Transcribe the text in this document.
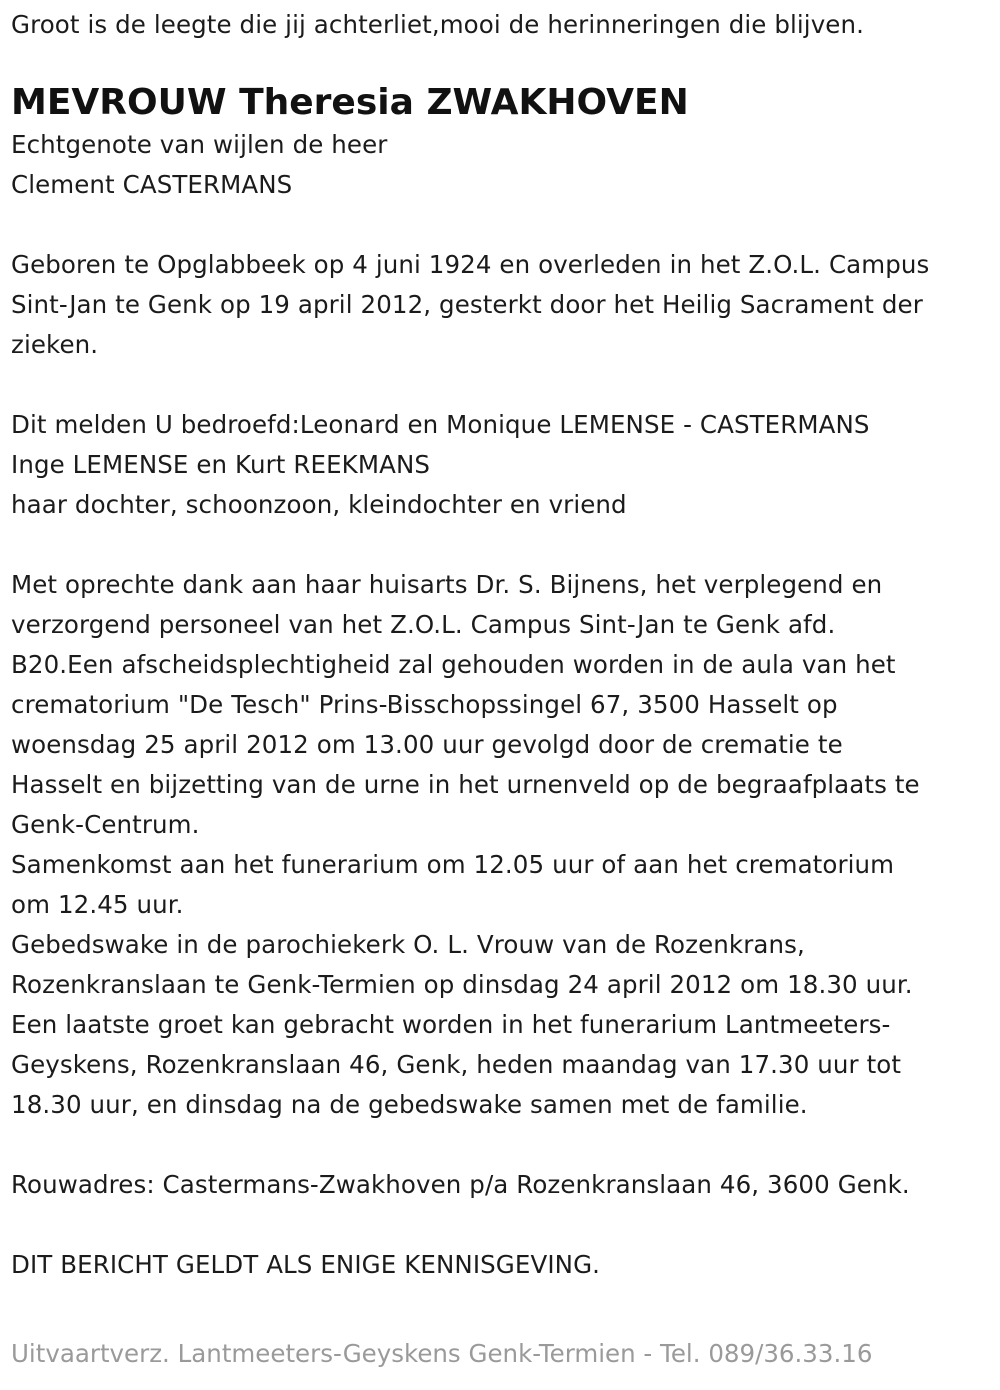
Groot is de leegte die jij achterliet,mooi de herinneringen die blijven.
MEVROUW Theresia ZWAKHOVEN
Echtgenote van wijlen de heer
Clement CASTERMANS
Geboren te Opglabbeek op 4 juni 1924 en overleden in het Z.O.L. Campus
Sint-Jan te Genk op 19 april 2012, gesterkt door het Heilig Sacrament der
zieken.
Dit melden U bedroefd:Leonard en Monique LEMENSE - CASTERMANS
Inge LEMENSE en Kurt REEKMANS
haar dochter, schoonzoon, kleindochter en vriend
Met oprechte dank aan haar huisarts Dr. S. Bijnens, het verplegend en
verzorgend personeel van het Z.O.L. Campus Sint-Jan te Genk afd.
B20.Een afscheidsplechtigheid zal gehouden worden in de aula van het
crematorium "De Tesch" Prins-Bisschopssingel 67, 3500 Hasselt op
woensdag 25 april 2012 om 13.00 uur gevolgd door de crematie te
Hasselt en bijzetting van de urne in het urnenveld op de begraafplaats te
Genk-Centrum.
Samenkomst aan het funerarium om 12.05 uur of aan het crematorium
om 12.45 uur.
Gebedswake in de parochiekerk O. L. Vrouw van de Rozenkrans,
Rozenkranslaan te Genk-Termien op dinsdag 24 april 2012 om 18.30 uur.
Een laatste groet kan gebracht worden in het funerarium Lantmeeters-
Geyskens, Rozenkranslaan 46, Genk, heden maandag van 17.30 uur tot
18.30 uur, en dinsdag na de gebedswake samen met de familie.
Rouwadres: Castermans-Zwakhoven p/a Rozenkranslaan 46, 3600 Genk.
DIT BERICHT GELDT ALS ENIGE KENNISGEVING.
Uitvaartverz. Lantmeeters-Geyskens Genk-Termien - Tel. 089/36.33.16
